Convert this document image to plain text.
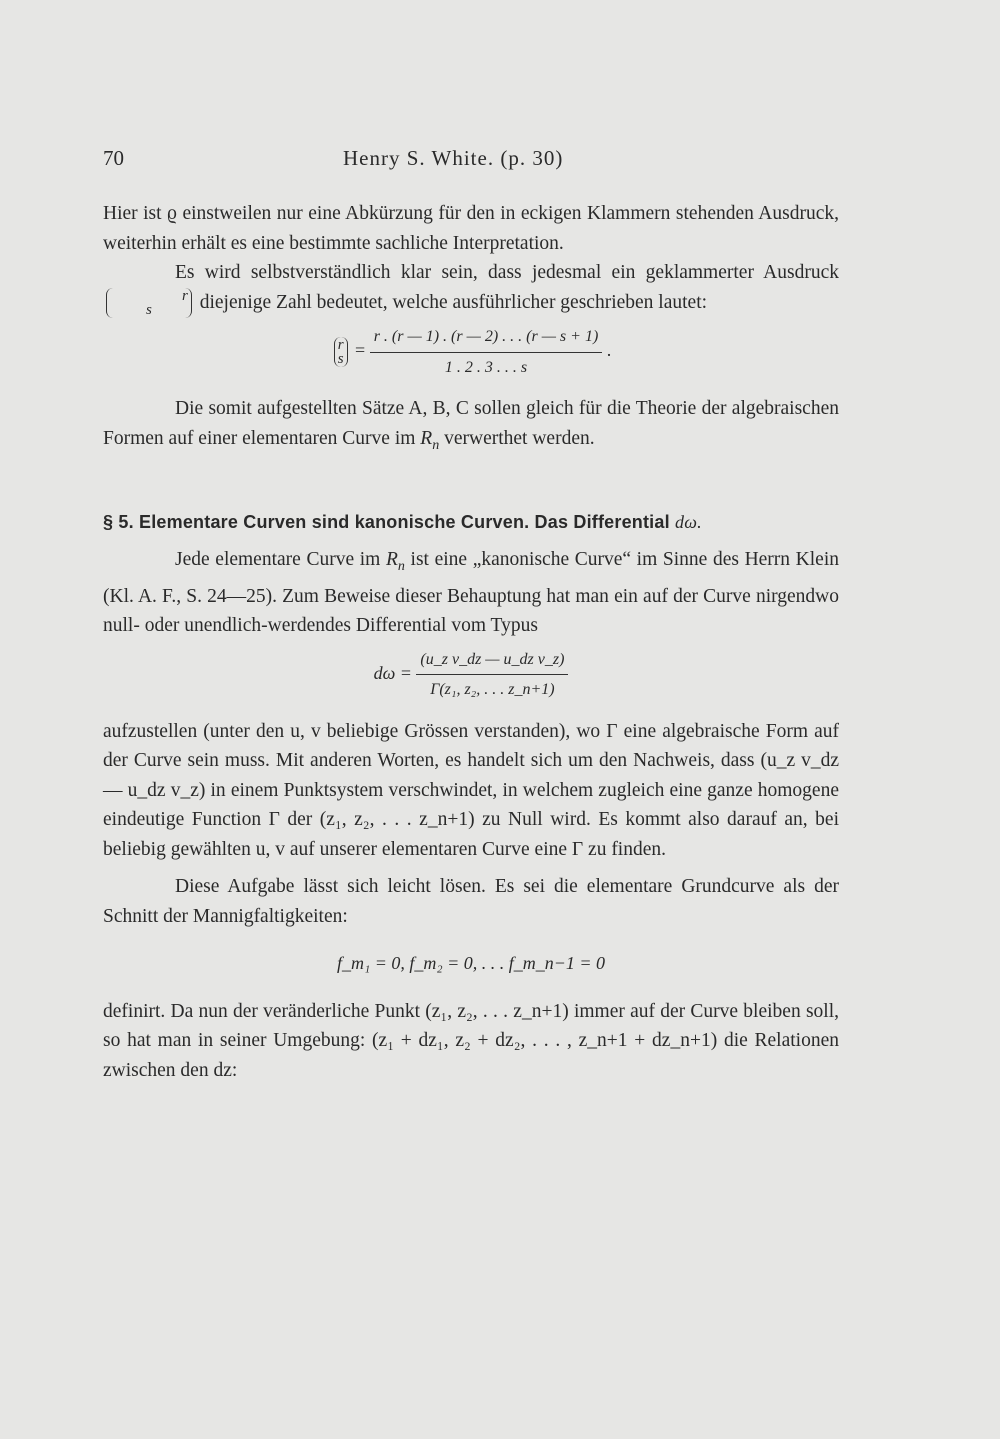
70	Henry S. White. (p. 30)

Hier ist ϱ einstweilen nur eine Abkürzung für den in eckigen Klammern stehenden Ausdruck, weiterhin erhält es eine bestimmte sachliche Interpretation.

Es wird selbstverständlich klar sein, dass jedesmal ein geklammerter Ausdruck r
s diejenige Zahl bedeutet, welche ausführlicher geschrieben lautet:

r
$s = \frac{r . (r — 1) . (r — 2) . . . (r — s + 1)}{1 . 2 . 3 . . . s}$ .

Die somit aufgestellten Sätze A, B, C sollen gleich für die Theorie der algebraischen Formen auf einer elementaren Curve im $R_n$ verwerthet werden.

§ 5. Elementare Curven sind kanonische Curven. Das Differential dω.

Jede elementare Curve im $R_n$ ist eine „kanonische Curve“ im Sinne des Herrn Klein (Kl. A. F., S. 24—25). Zum Beweise dieser Behauptung hat man ein auf der Curve nirgendwo null- oder unendlich-werdendes Differential vom Typus

$d\omega = \frac{\text{(u\_z v\_dz — u\_dz v\_z)}}{\text{Γ(z₁, z₂, . . . z\_n+1)}}$

aufzustellen (unter den u, v beliebige Grössen verstanden), wo Γ eine algebraische Form auf der Curve sein muss. Mit anderen Worten, es handelt sich um den Nachweis, dass (u_z v_dz — u_dz v_z) in einem Punktsystem verschwindet, in welchem zugleich eine ganze homogene eindeutige Function Γ der (z₁, z₂, . . . z_n+1) zu Null wird. Es kommt also darauf an, bei beliebig gewählten u, v auf unserer elementaren Curve eine Γ zu finden.

Diese Aufgabe lässt sich leicht lösen. Es sei die elementare Grundcurve als der Schnitt der Mannigfaltigkeiten:

f_m₁ = 0, f_m₂ = 0, . . . f_m_n−1 = 0

definirt. Da nun der veränderliche Punkt (z₁, z₂, . . . z_n+1) immer auf der Curve bleiben soll, so hat man in seiner Umgebung: (z₁ + dz₁, z₂ + dz₂, . . . , z_n+1 + dz_n+1) die Relationen zwischen den dz:
